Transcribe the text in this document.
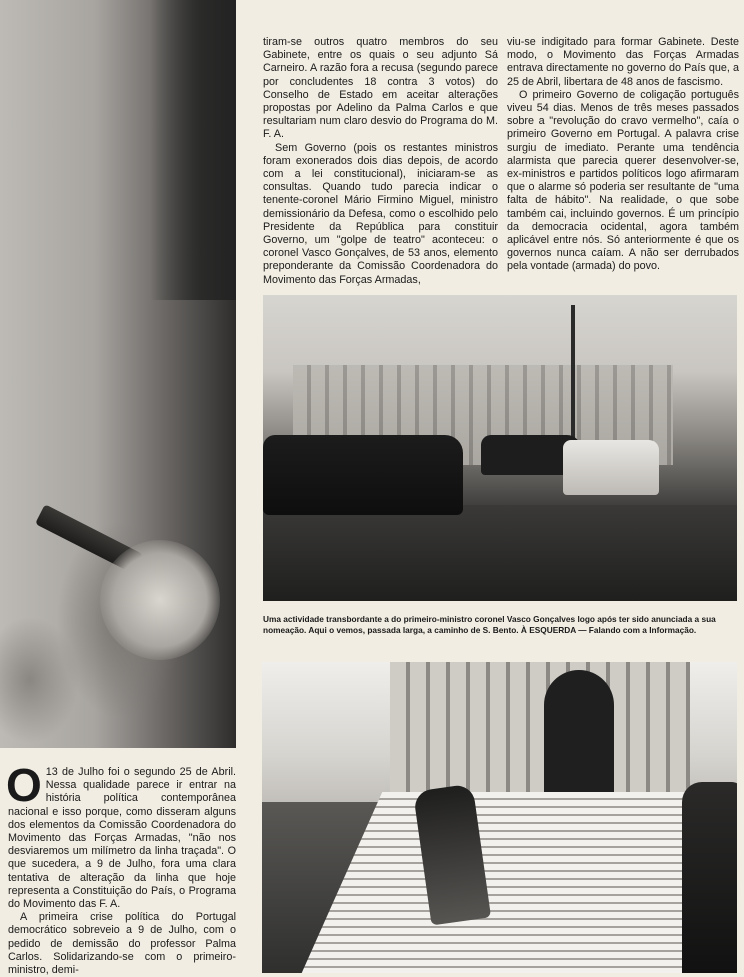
tiram-se outros quatro membros do seu Gabinete, entre os quais o seu adjunto Sá Carneiro. A razão fora a recusa (segundo parece por concludentes 18 contra 3 votos) do Conselho de Estado em aceitar alterações propostas por Adelino da Palma Carlos e que resultariam num claro desvio do Programa do M. F. A.

Sem Governo (pois os restantes ministros foram exonerados dois dias depois, de acordo com a lei constitucional), iniciaram-se as consultas. Quando tudo parecia indicar o tenente-coronel Mário Firmino Miguel, ministro demissionário da Defesa, como o escolhido pelo Presidente da República para constituir Governo, um "golpe de teatro" aconteceu: o coronel Vasco Gonçalves, de 53 anos, elemento preponderante da Comissão Coordenadora do Movimento das Forças Armadas,

viu-se indigitado para formar Gabinete. Deste modo, o Movimento das Forças Armadas entrava directamente no governo do País que, a 25 de Abril, libertara de 48 anos de fascismo.

O primeiro Governo de coligação português viveu 54 dias. Menos de três meses passados sobre a "revolução do cravo vermelho", caía o primeiro Governo em Portugal. A palavra crise surgiu de imediato. Perante uma tendência alarmista que parecia querer desenvolver-se, ex-ministros e partidos políticos logo afirmaram que o alarme só poderia ser resultante de "uma falta de hábito". Na realidade, o que sobe também cai, incluindo governos. É um princípio da democracia ocidental, agora também aplicável entre nós. Só anteriormente é que os governos nunca caíam. A não ser derrubados pela vontade (armada) do povo.

Uma actividade transbordante a do primeiro-ministro coronel Vasco Gonçalves logo após ter sido anunciada a sua nomeação. Aqui o vemos, passada larga, a caminho de S. Bento. À ESQUERDA — Falando com a Informação.

O 13 de Julho foi o segundo 25 de Abril. Nessa qualidade parece ir entrar na história política contemporânea nacional e isso porque, como disseram alguns dos elementos da Comissão Coordenadora do Movimento das Forças Armadas, "não nos desviaremos um milímetro da linha traçada". O que sucedera, a 9 de Julho, fora uma clara tentativa de alteração da linha que hoje representa a Constituição do País, o Programa do Movimento das F. A.

A primeira crise política do Portugal democrático sobreveio a 9 de Julho, com o pedido de demissão do professor Palma Carlos. Solidarizando-se com o primeiro-ministro, demi-
